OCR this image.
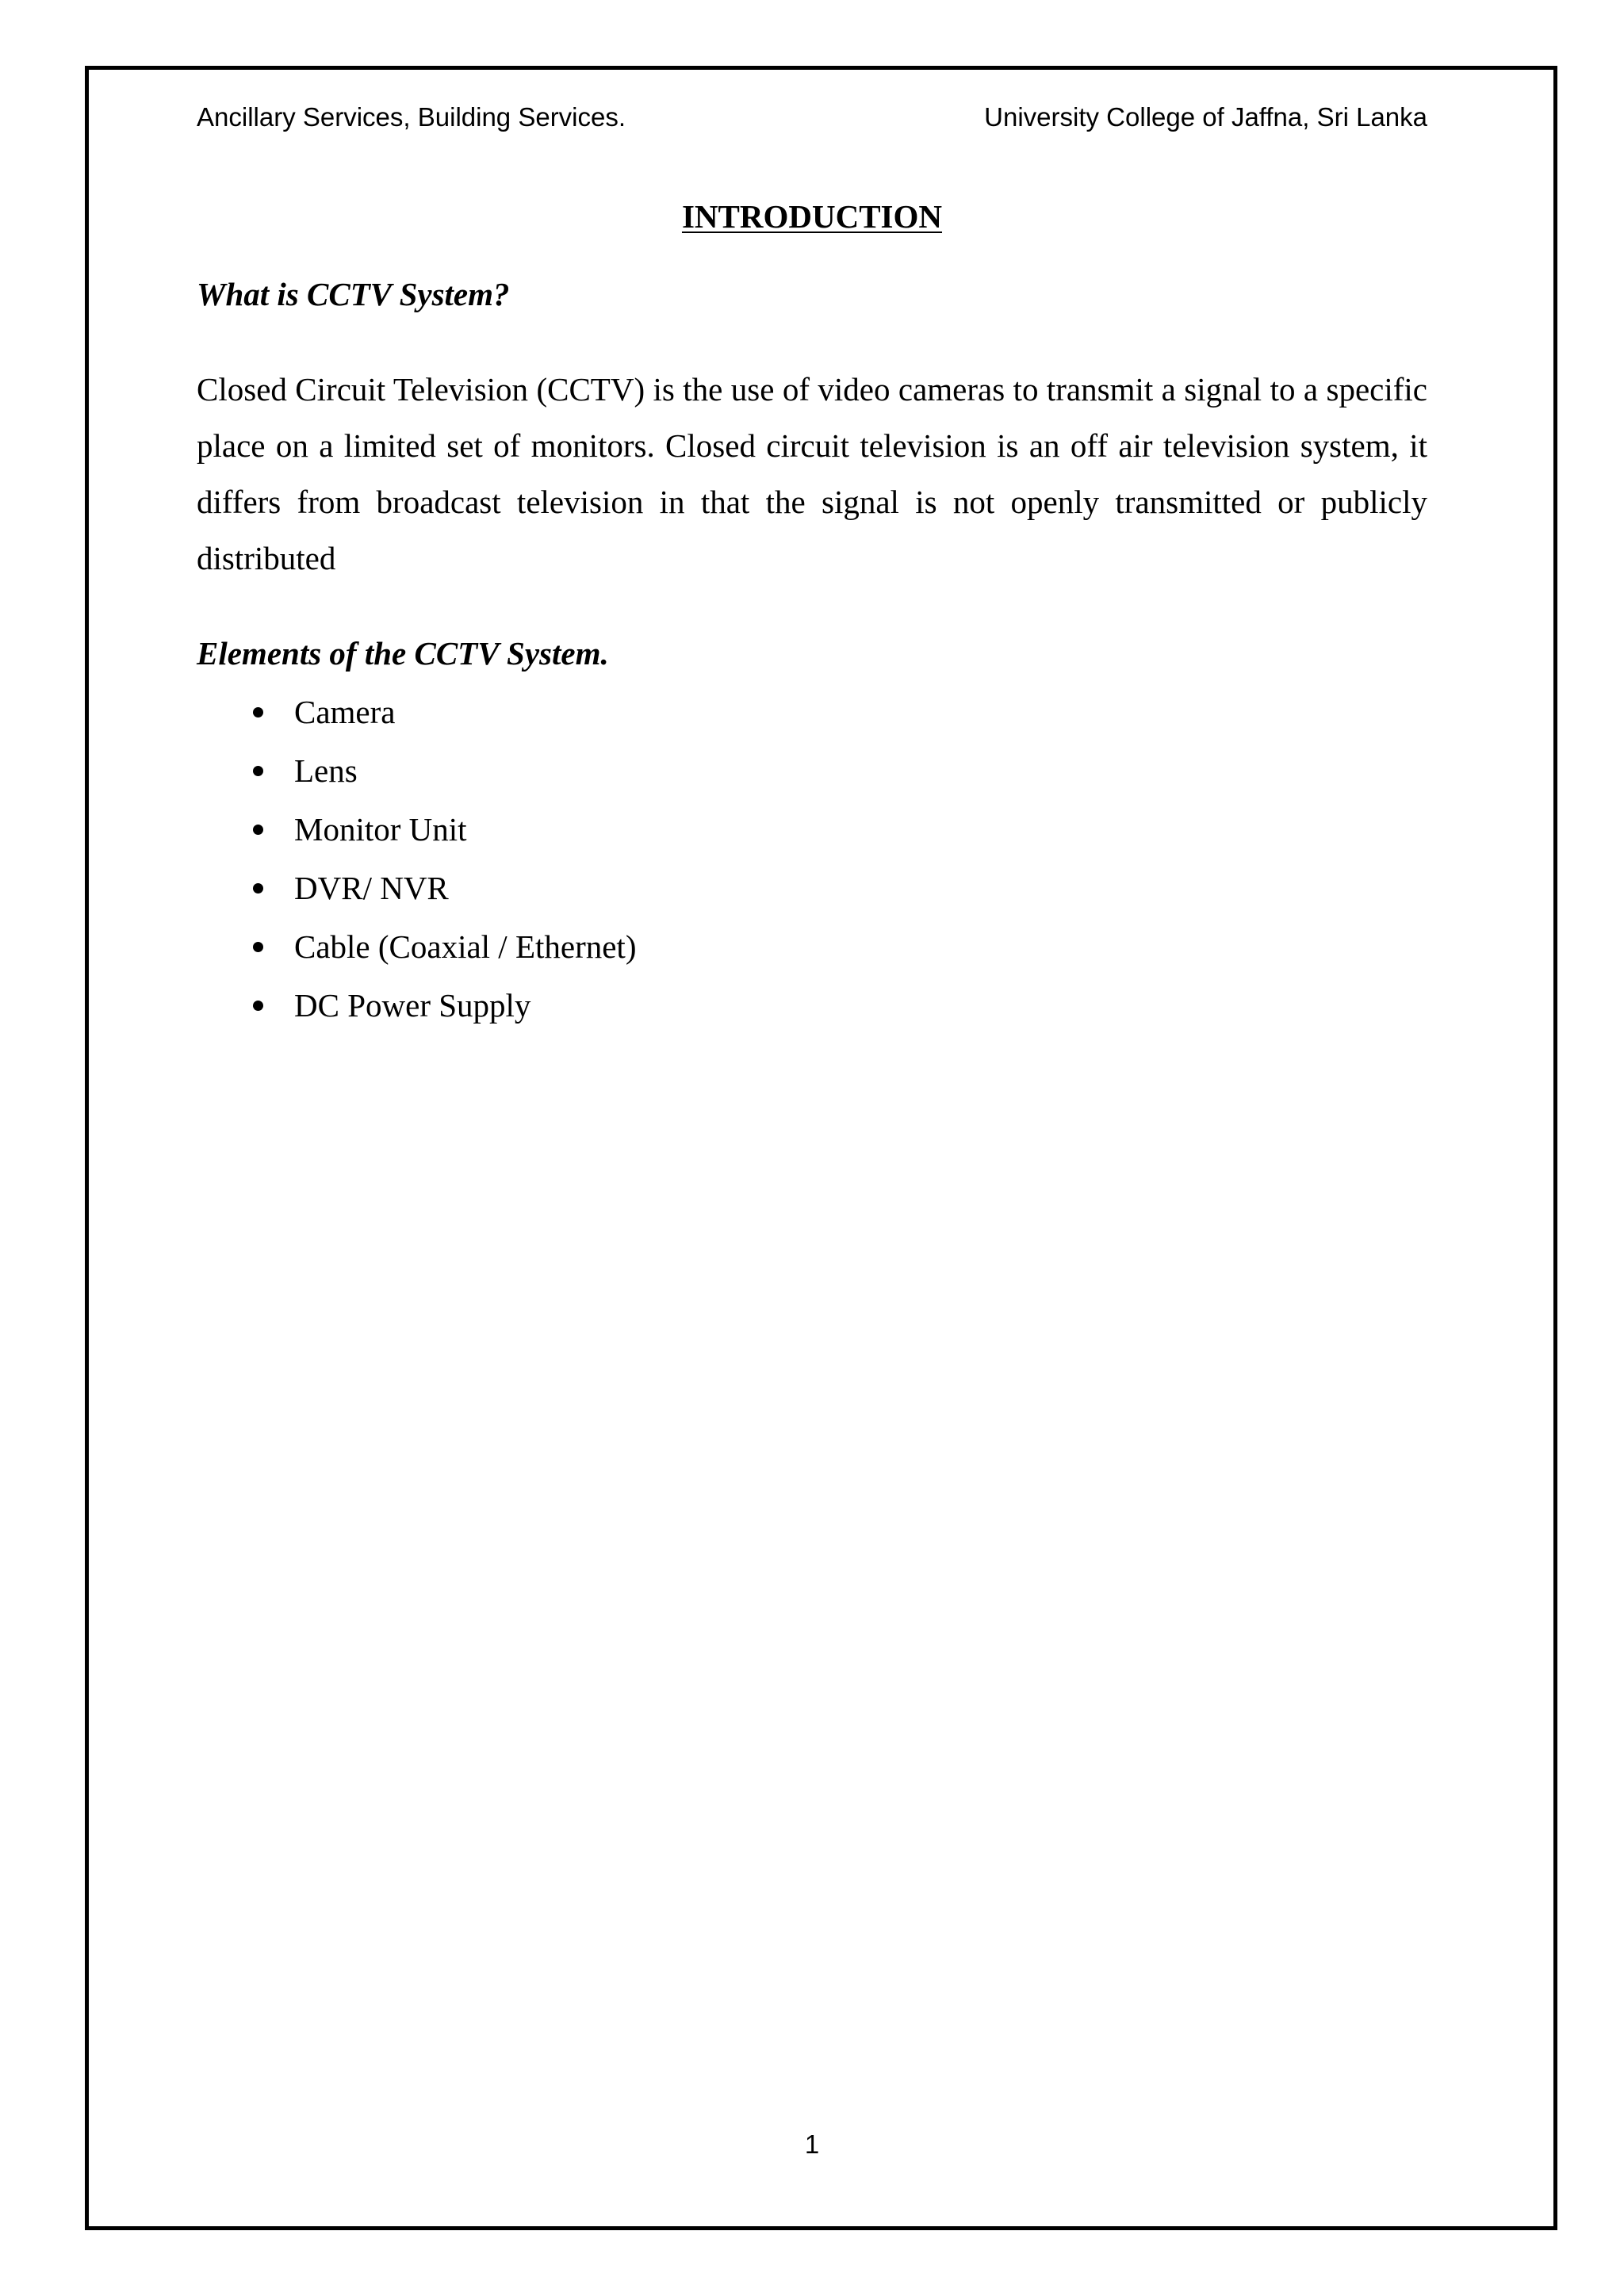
Ancillary Services, Building Services.	University College of Jaffna, Sri Lanka
INTRODUCTION
What is CCTV System?
Closed Circuit Television (CCTV) is the use of video cameras to transmit a signal to a specific
place on a limited set of monitors. Closed circuit television is an off air television system, it
differs from broadcast television in that the signal is not openly transmitted or publicly
distributed
Elements of the CCTV System.
Camera
Lens
Monitor Unit
DVR/ NVR
Cable (Coaxial / Ethernet)
DC Power Supply
1
